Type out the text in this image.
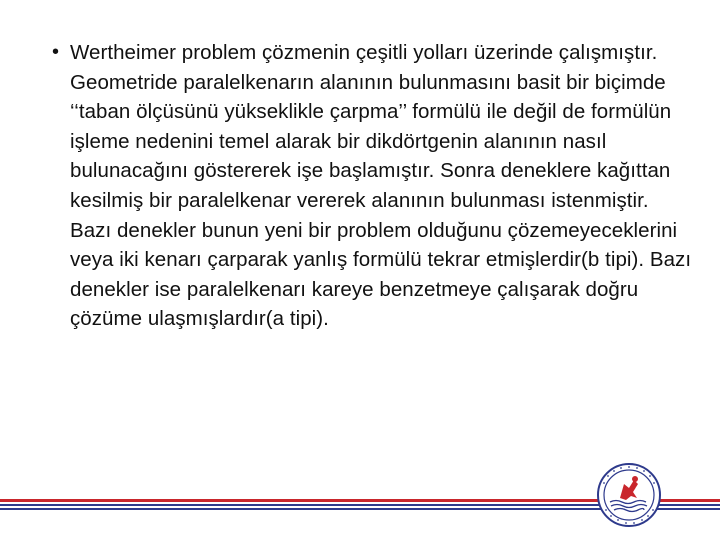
• Wertheimer problem çözmenin çeşitli yolları üzerinde çalışmıştır. Geometride paralelkenarın alanının bulunmasını basit bir biçimde ‘‘taban ölçüsünü yükseklikle çarpma’’ formülü ile değil de formülün işleme nedenini temel alarak bir dikdörtgenin alanının nasıl bulunacağını göstererek işe başlamıştır. Sonra deneklere kağıttan kesilmiş bir paralelkenar vererek alanının bulunması istenmiştir. Bazı denekler bunun yeni bir problem olduğunu çözemeyeceklerini veya iki kenarı çarparak yanlış formülü tekrar etmişlerdir(b tipi). Bazı denekler ise paralelkenarı kareye benzetmeye çalışarak doğru çözüme ulaşmışlardır(a tipi).
